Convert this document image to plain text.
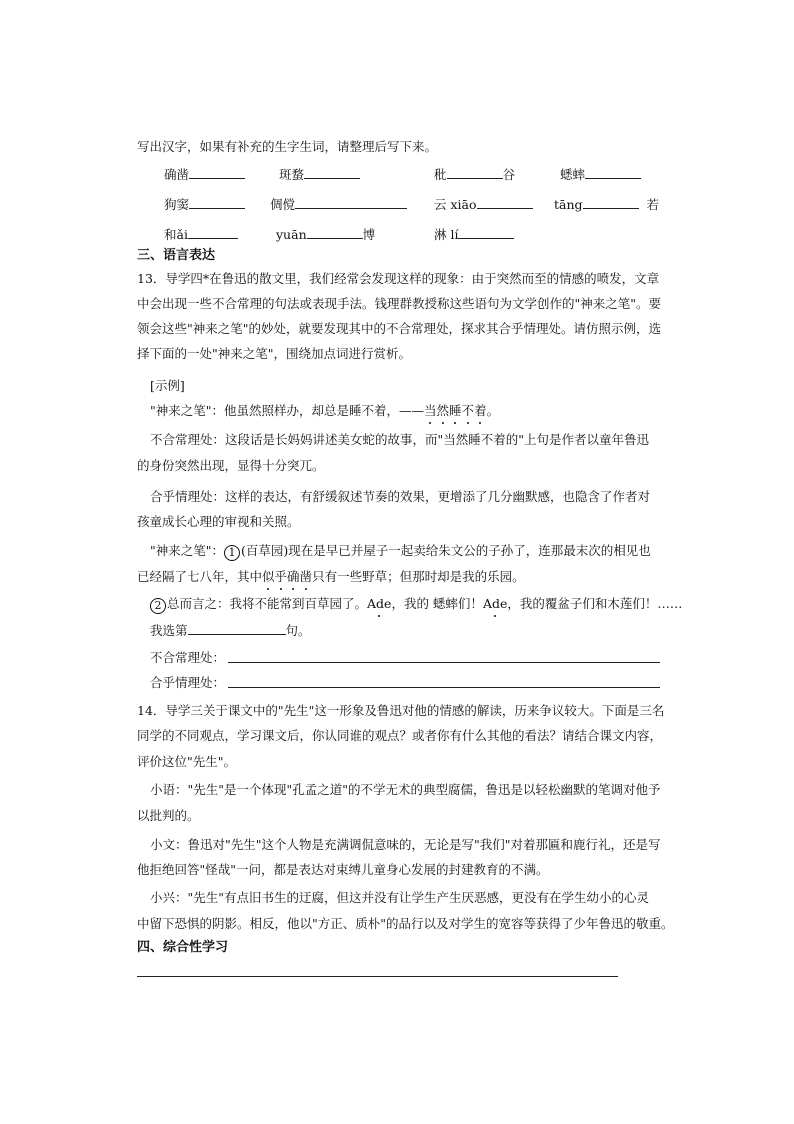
写出汉字，如果有补充的生字生词，请整理后写下来。
确凿	斑蝥	秕	谷	蟋蟀
狗窦	倜傥	云 xiāo	tāng	若
和ǎi	yuān	博	淋 lí
三、语言表达
13．导学四*在鲁迅的散文里，我们经常会发现这样的现象：由于突然而至的情感的喷发，文章
中会出现一些不合常理的句法或表现手法。钱理群教授称这些语句为文学创作的"神来之笔"。要
领会这些"神来之笔"的妙处，就要发现其中的不合常理处，探求其合乎情理处。请仿照示例，选
择下面的一处"神来之笔"，围绕加点词进行赏析。
[示例]
"神来之笔"：他虽然照样办，却总是睡不着，——当然睡不着。
不合常理处：这段话是长妈妈讲述美女蛇的故事，而"当然睡不着的"上句是作者以童年鲁迅
的身份突然出现，显得十分突兀。
合乎情理处：这样的表达，有舒缓叙述节奏的效果，更增添了几分幽默感，也隐含了作者对
孩童成长心理的审视和关照。
"神来之笔"： 1 (百草园)现在是早已并屋子一起卖给朱文公的子孙了，连那最末次的相见也
已经隔了七八年，其中似乎确凿只有一些野草；但那时却是我的乐园。
2 总而言之：我将不能常到百草园了。Ade，我的 蟋蟀们！Ade，我的覆盆子们和木莲们！……
我选第	句。
不合常理处：
合乎情理处：
14．导学三关于课文中的"先生"这一形象及鲁迅对他的情感的解读，历来争议较大。下面是三名
同学的不同观点，学习课文后，你认同谁的观点？或者你有什么其他的看法？请结合课文内容，
评价这位"先生"。
小语："先生"是一个体现"孔孟之道"的不学无术的典型腐儒，鲁迅是以轻松幽默的笔调对他予
以批判的。
小文：鲁迅对"先生"这个人物是充满调侃意味的，无论是写"我们"对着那匾和鹿行礼，还是写
他拒绝回答"怪哉"一问，都是表达对束缚儿童身心发展的封建教育的不满。
小兴："先生"有点旧书生的迂腐，但这并没有让学生产生厌恶感，更没有在学生幼小的心灵
中留下恐惧的阴影。相反，他以"方正、质朴"的品行以及对学生的宽容等获得了少年鲁迅的敬重。
四、综合性学习
